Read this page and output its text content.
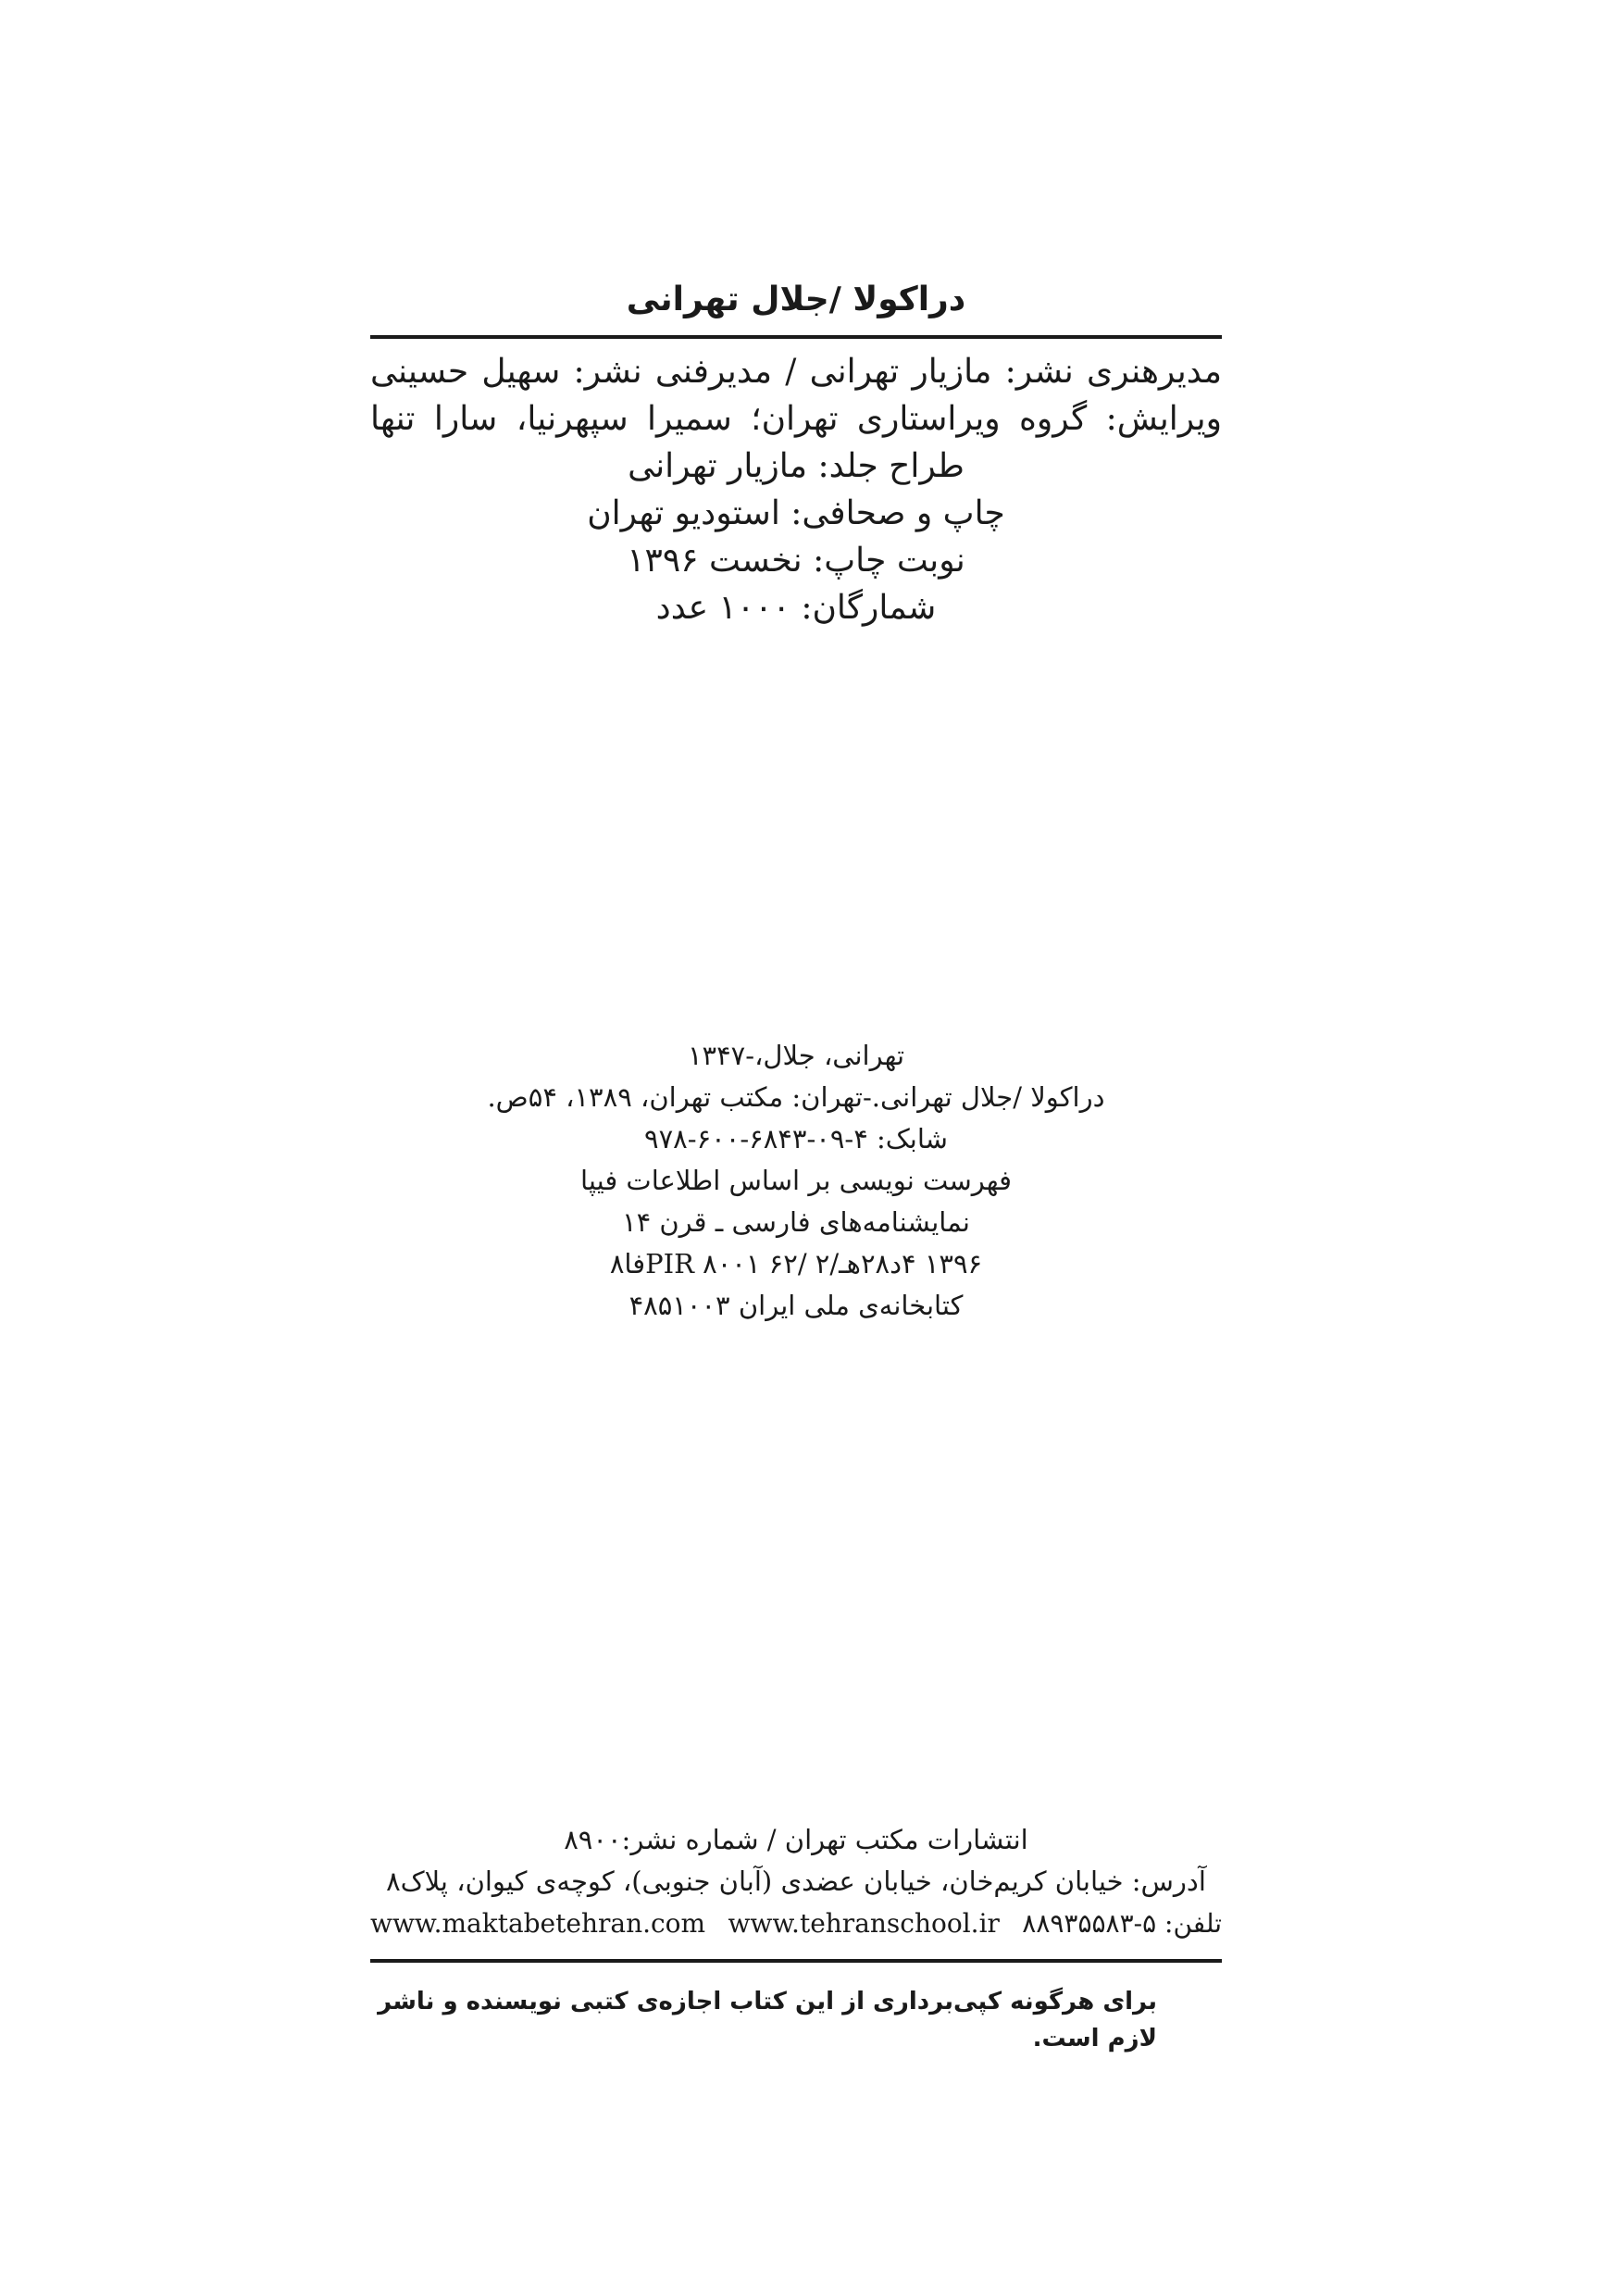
دراکولا /جلال تهرانی
مدیرهنری نشر: مازیار تهرانی / مدیرفنی نشر: سهیل حسینی
ویرایش: گروه ویراستاری تهران؛ سمیرا سپهرنیا، سارا تنها
طراح جلد: مازیار تهرانی
چاپ و صحافی: استودیو تهران
نوبت چاپ: نخست ۱۳۹۶
شمارگان: ۱۰۰۰ عدد
تهرانی، جلال،-۱۳۴۷
دراکولا /جلال تهرانی.-تهران: مکتب تهران، ۱۳۸۹، ۵۴ص.
شابک: ۴-۰۹-۶۸۴۳-۶۰۰-۹۷۸
فهرست نویسی بر اساس اطلاعات فیپا
نمایشنامه‌های فارسی ـ قرن ۱۴
۱۳۹۶ ۴د۲۸هـ/PIR ۸۰۰۱ ۶۲/ ۲فا۸
کتابخانه‌ی ملی ایران ۴۸۵۱۰۰۳
انتشارات مکتب تهران / شماره نشر:۸۹۰۰
آدرس: خیابان کریم‌خان، خیابان عضدی (آبان جنوبی)، کوچه‌ی کیوان، پلاک۸
تلفن: ۵-۸۸۹۳۵۵۸۳
www.tehranschool.ir
www.maktabetehran.com
برای هرگونه کپی‌برداری از این کتاب اجازه‌ی کتبی نویسنده و ناشر لازم است.
